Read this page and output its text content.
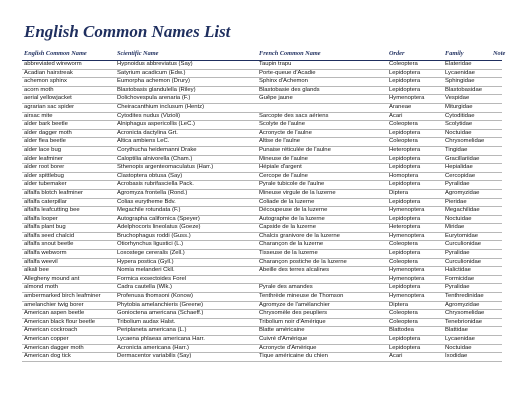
English Common Names List
English Common Name	Scientific Name	French Common Name	Order	Family	Note
abbreviated wireworm	Hypnoidus abbreviatus (Say)	Taupin trapu	Coleoptera	Elateridae	
Acadian hairstreak	Satyrium acadicum (Edw.)	Porte-queue d'Acadie	Lepidoptera	Lycaenidae	
achemon sphinx	Eumorpha achemon (Drury)	Sphinx d'Achemon	Lepidoptera	Sphingidae	
acorn moth	Blastobasis glandulella (Riley)	Blastobasie des glands	Lepidoptera	Blastobasidae	
aerial yellowjacket	Dolichovespula arenaria (F.)	Guêpe jaune	Hymenoptera	Vespidae	
agrarian sac spider	Cheiracanthium inclusum (Hentz)		Araneae	Miturgidae	
airsac mite	Cytodites nudus (Vizioli)	Sarcopte des sacs aériens	Acari	Cytoditidae	
alder bark beetle	Alniphagus aspericollis (LeC.)	Scolyte de l'aulne	Coleoptera	Scolytidae	
alder dagger moth	Acronicta dactylina Grt.	Acronycte de l'aulne	Lepidoptera	Noctuidae	
alder flea beetle	Altica ambiens LeC.	Altise de l'aulne	Coleoptera	Chrysomelidae	
alder lace bug	Corythucha heidemanni Drake	Punaise réticulée de l'aulne	Heteroptera	Tingidae	
alder leafminer	Caloptilia alnivorella (Cham.)	Mineuse de l'aulne	Lepidoptera	Gracillariidae	
alder root borer	Sthenopis argenteomaculatus (Harr.)	Hépiale d'argent	Lepidoptera	Hepialidae	
alder spittlebug	Clastoptera obtusa (Say)	Cercope de l'aulne	Homoptera	Cercopidae	
alder tubemaker	Acrobasis rubrifasciella Pack.	Pyrale tubicole de l'aulne	Lepidoptera	Pyralidae	
alfalfa blotch leafminer	Agromyza frontella (Rond.)	Mineuse virgule de la luzerne	Diptera	Agromyzidae	
alfalfa caterpillar	Colias eurytheme Bdv.	Coliade de la luzerne	Lepidoptera	Pieridae	
alfalfa leafcutting bee	Megachile rotundata (F.)	Découpeuse de la luzerne	Hymenoptera	Megachilidae	
alfalfa looper	Autographa californica (Speyer)	Autographe de la luzerne	Lepidoptera	Noctuidae	
alfalfa plant bug	Adelphocoris lineolatus (Goeze)	Capside de la luzerne	Heteroptera	Miridae	
alfalfa seed chalcid	Bruchophagus roddi (Guss.)	Chalcis granivore de la luzerne	Hymenoptera	Eurytomidae	
alfalfa snout beetle	Otiorhynchus ligustici (L.)	Charançon de la luzerne	Coleoptera	Curculionidae	
alfalfa webworm	Loxostege cereralis (Zell.)	Tisseuse de la luzerne	Lepidoptera	Pyralidae	
alfalfa weevil	Hypera postica (Gyll.)	Charançon postiche de la luzerne	Coleoptera	Curculionidae	
alkali bee	Nomia melanderi Ckll.	Abeille des terres alcalines	Hymenoptera	Halictidae	
Allegheny mound ant	Formica exsectoides Forel		Hymenoptera	Formicidae	
almond moth	Cadra cautella (Wlk.)	Pyrale des amandes	Lepidoptera	Pyralidae	
ambermarked birch leafminer	Profenusa thomsoni (Konow)	Tenthrède mineuse de Thomson	Hymenoptera	Tenthredinidae	
amelanchier twig borer	Phytobia amelanchieris (Greene)	Agromyze de l'amélanchier	Diptera	Agromyzidae	
American aspen beetle	Gonioctena americana (Schaeff.)	Chrysomèle des peupliers	Coleoptera	Chrysomelidae	
American black flour beetle	Tribolium audax Halst.	Tribolium noir d'Amérique	Coleoptera	Tenebrionidae	
American cockroach	Periplaneta americana (L.)	Blatte américaine	Blattodea	Blattidae	
American copper	Lycaena phlaeas americana Harr.	Cuivré d'Amérique	Lepidoptera	Lycaenidae	
American dagger moth	Acronicta americana (Harr.)	Acronycte d'Amérique	Lepidoptera	Noctuidae	
American dog tick	Dermacentor variabilis (Say)	Tique américaine du chien	Acari	Ixodidae	
